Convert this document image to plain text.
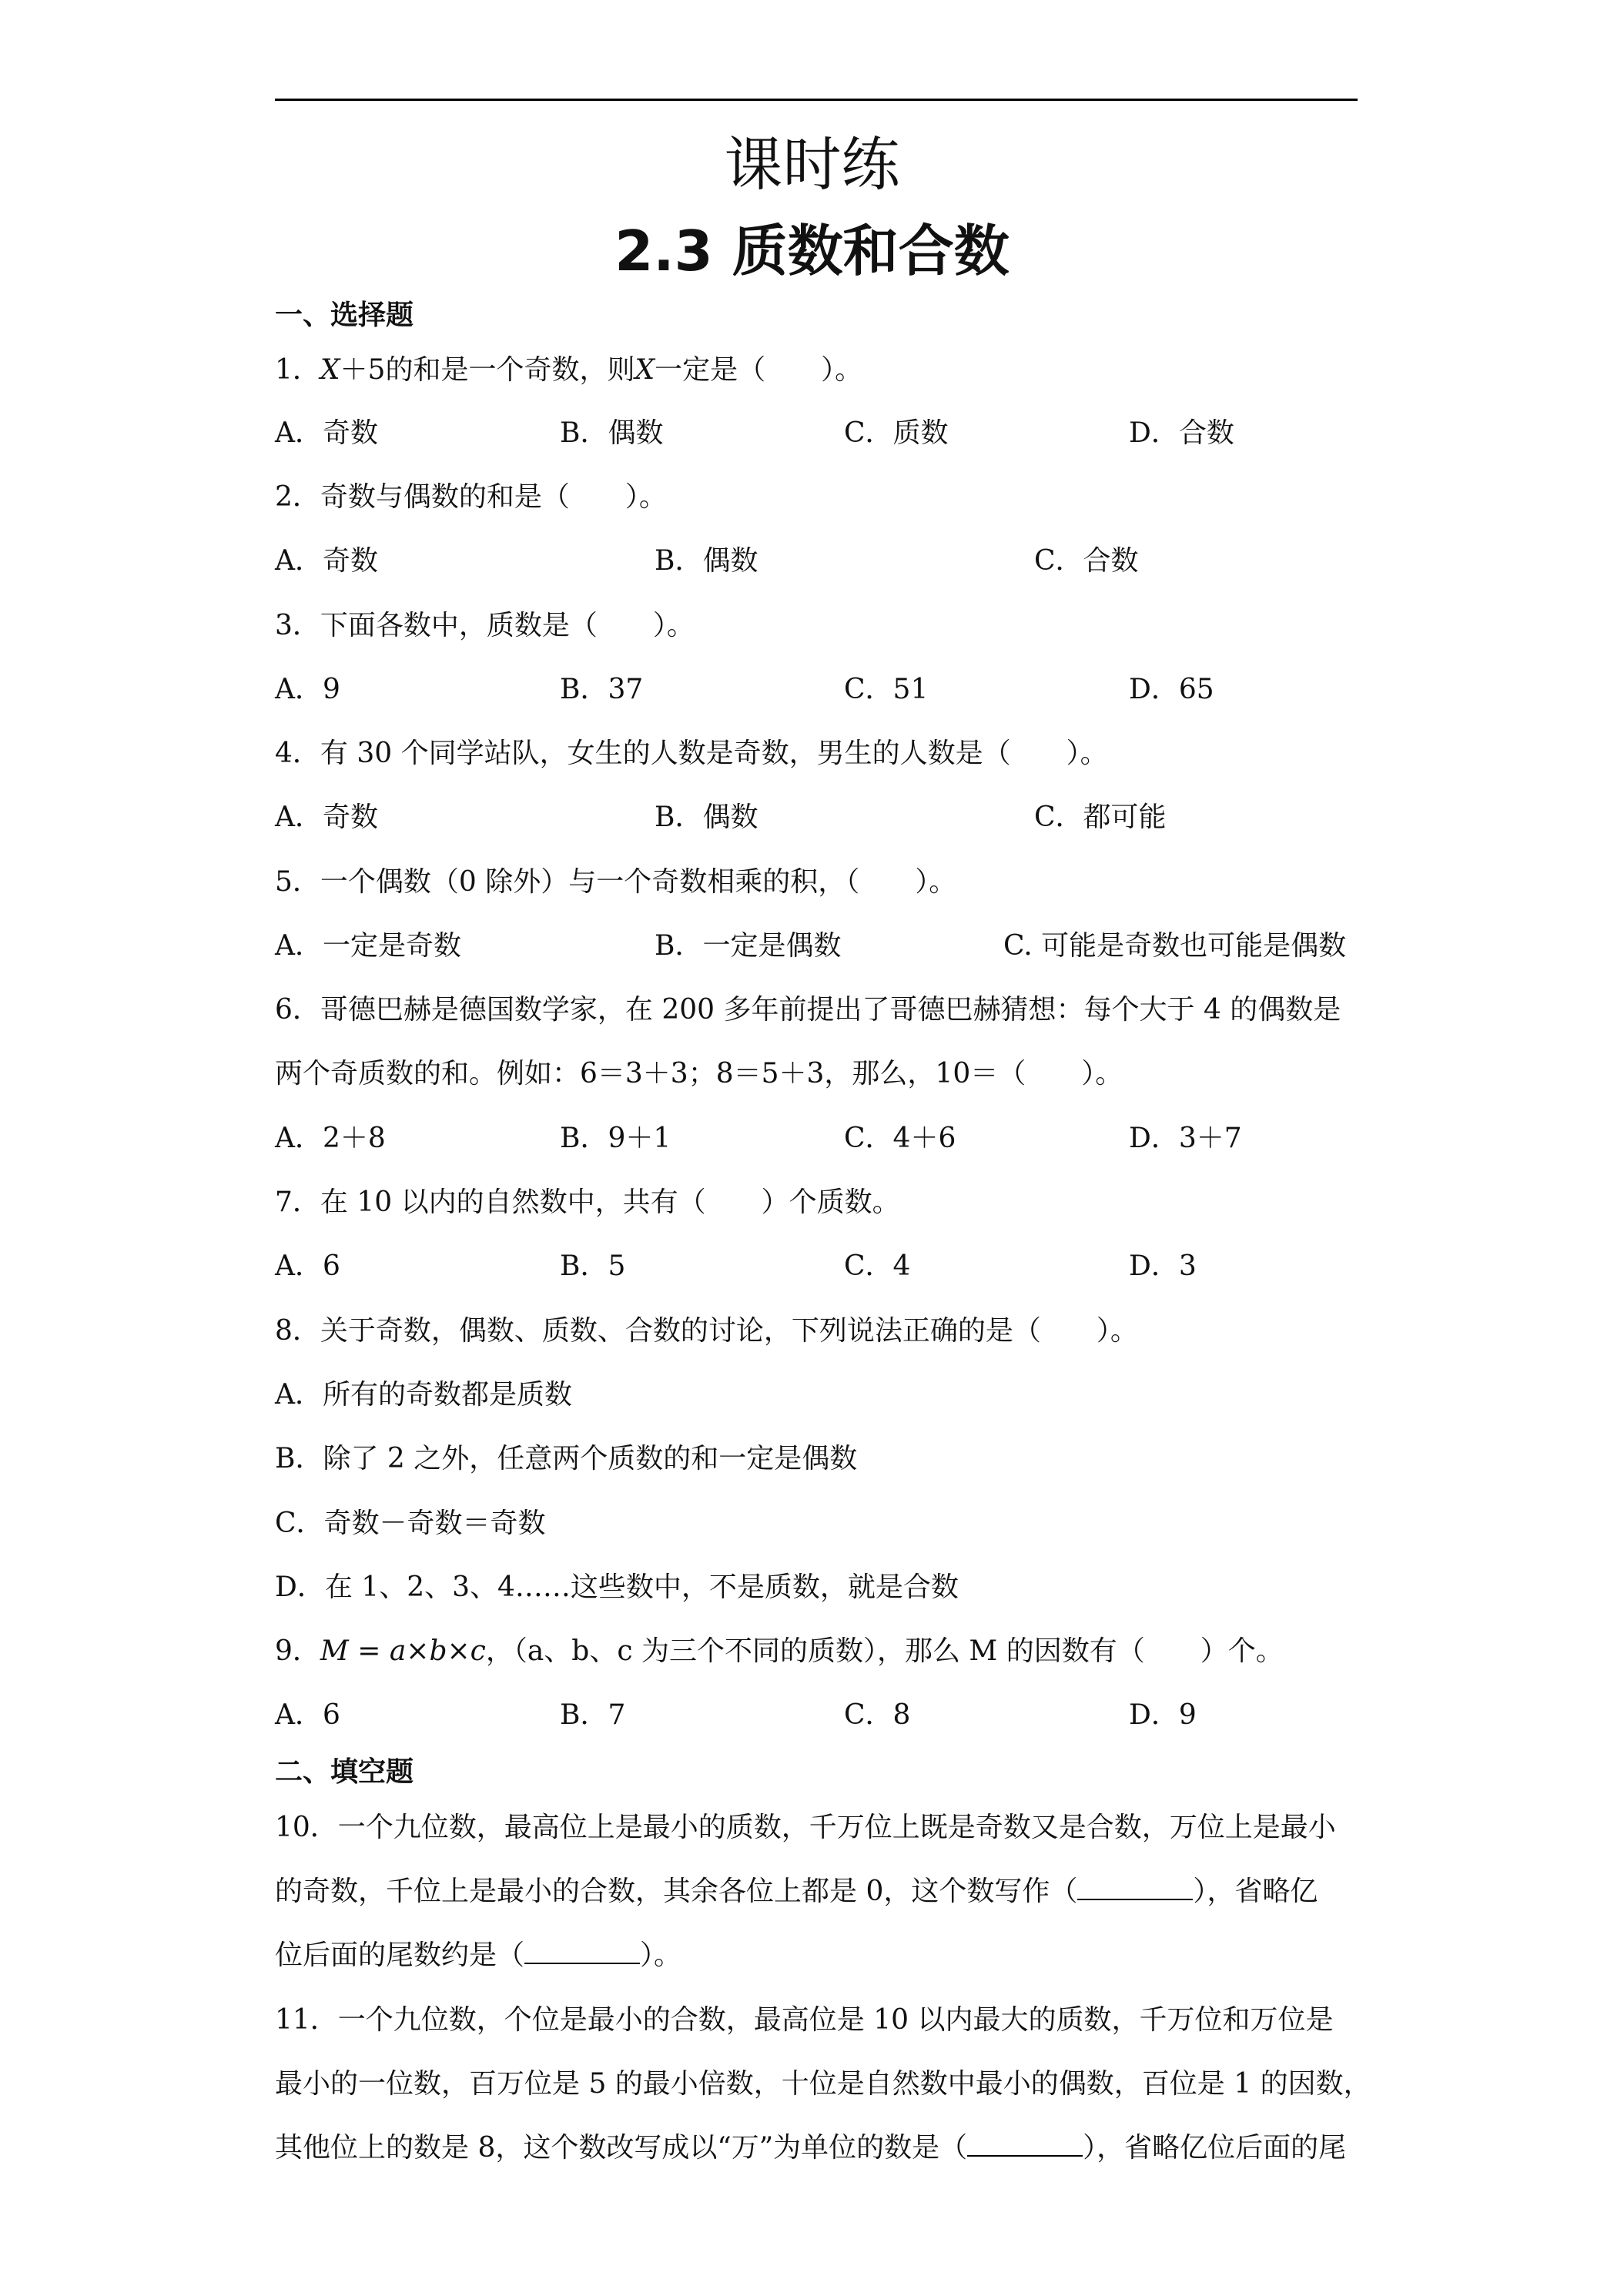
课时练
2.3 质数和合数
一、选择题
1．X＋5的和是一个奇数，则X一定是（　　）。
A．奇数	B．偶数	C．质数	D．合数
2．奇数与偶数的和是（　　）。
A．奇数	B．偶数	C．合数
3．下面各数中，质数是（　　）。
A．9	B．37	C．51	D．65
4．有 30 个同学站队，女生的人数是奇数，男生的人数是（　　）。
A．奇数	B．偶数	C．都可能
5．一个偶数（0 除外）与一个奇数相乘的积，（　　）。
A．一定是奇数	B．一定是偶数	C. 可能是奇数也可能是偶数
6．哥德巴赫是德国数学家，在 200 多年前提出了哥德巴赫猜想：每个大于 4 的偶数是
两个奇质数的和。例如：6＝3＋3；8＝5＋3，那么，10＝（　　）。
A．2＋8	B．9＋1	C．4＋6	D．3＋7
7．在 10 以内的自然数中，共有（　　）个质数。
A．6	B．5	C．4	D．3
8．关于奇数，偶数、质数、合数的讨论，下列说法正确的是（　　）。
A．所有的奇数都是质数
B．除了 2 之外，任意两个质数的和一定是偶数
C．奇数－奇数＝奇数
D．在 1、2、3、4……这些数中，不是质数，就是合数
9．M = a×b×c，（a、b、c 为三个不同的质数），那么 M 的因数有（　　）个。
A．6	B．7	C．8	D．9
二、填空题
10．一个九位数，最高位上是最小的质数，千万位上既是奇数又是合数，万位上是最小
的奇数，千位上是最小的合数，其余各位上都是 0，这个数写作（	），省略亿
位后面的尾数约是（	）。
11．一个九位数，个位是最小的合数，最高位是 10 以内最大的质数，千万位和万位是
最小的一位数，百万位是 5 的最小倍数，十位是自然数中最小的偶数，百位是 1 的因数，
其他位上的数是 8，这个数改写成以“万”为单位的数是（	），省略亿位后面的尾
